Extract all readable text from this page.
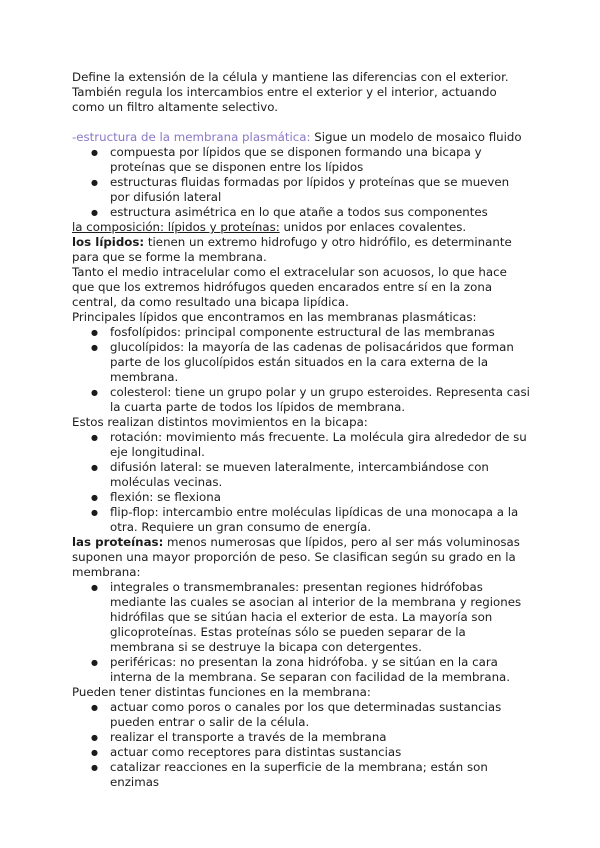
Define la extensión de la célula y mantiene las diferencias con el exterior. También regula los intercambios entre el exterior y el interior, actuando como un filtro altamente selectivo.

-estructura de la membrana plasmática: Sigue un modelo de mosaico fluido

● compuesta por lípidos que se disponen formando una bicapa y proteínas que se disponen entre los lípidos
● estructuras fluidas formadas por lípidos y proteínas que se mueven por difusión lateral
● estructura asimétrica en lo que atañe a todos sus componentes

la composición: lípidos y proteínas: unidos por enlaces covalentes.

los lípidos: tienen un extremo hidrofugo y otro hidrófilo, es determinante para que se forme la membrana.

Tanto el medio intracelular como el extracelular son acuosos, lo que hace que que los extremos hidrófugos queden encarados entre sí en la zona central, da como resultado una bicapa lipídica.

Principales lípidos que encontramos en las membranas plasmáticas:

● fosfolípidos: principal componente estructural de las membranas
● glucolípidos: la mayoría de las cadenas de polisacáridos que forman parte de los glucolípidos están situados en la cara externa de la membrana.
● colesterol: tiene un grupo polar y un grupo esteroides. Representa casi la cuarta parte de todos los lípidos de membrana.

Estos realizan distintos movimientos en la bicapa:

● rotación: movimiento más frecuente. La molécula gira alrededor de su eje longitudinal.
● difusión lateral: se mueven lateralmente, intercambiándose con moléculas vecinas.
● flexión: se flexiona
● flip-flop: intercambio entre moléculas lipídicas de una monocapa a la otra. Requiere un gran consumo de energía.

las proteínas: menos numerosas que lípidos, pero al ser más voluminosas suponen una mayor proporción de peso. Se clasifican según su grado en la membrana:

● integrales o transmembranales: presentan regiones hidrófobas mediante las cuales se asocian al interior de la membrana y regiones hidrófilas que se sitúan hacia el exterior de esta. La mayoría son glicoproteínas. Estas proteínas sólo se pueden separar de la membrana si se destruye la bicapa con detergentes.
● periféricas: no presentan la zona hidrófoba. y se sitúan en la cara interna de la membrana. Se separan con facilidad de la membrana.

Pueden tener distintas funciones en la membrana:

● actuar como poros o canales por los que determinadas sustancias pueden entrar o salir de la célula.
● realizar el transporte a través de la membrana
● actuar como receptores para distintas sustancias
● catalizar reacciones en la superficie de la membrana; están son enzimas
